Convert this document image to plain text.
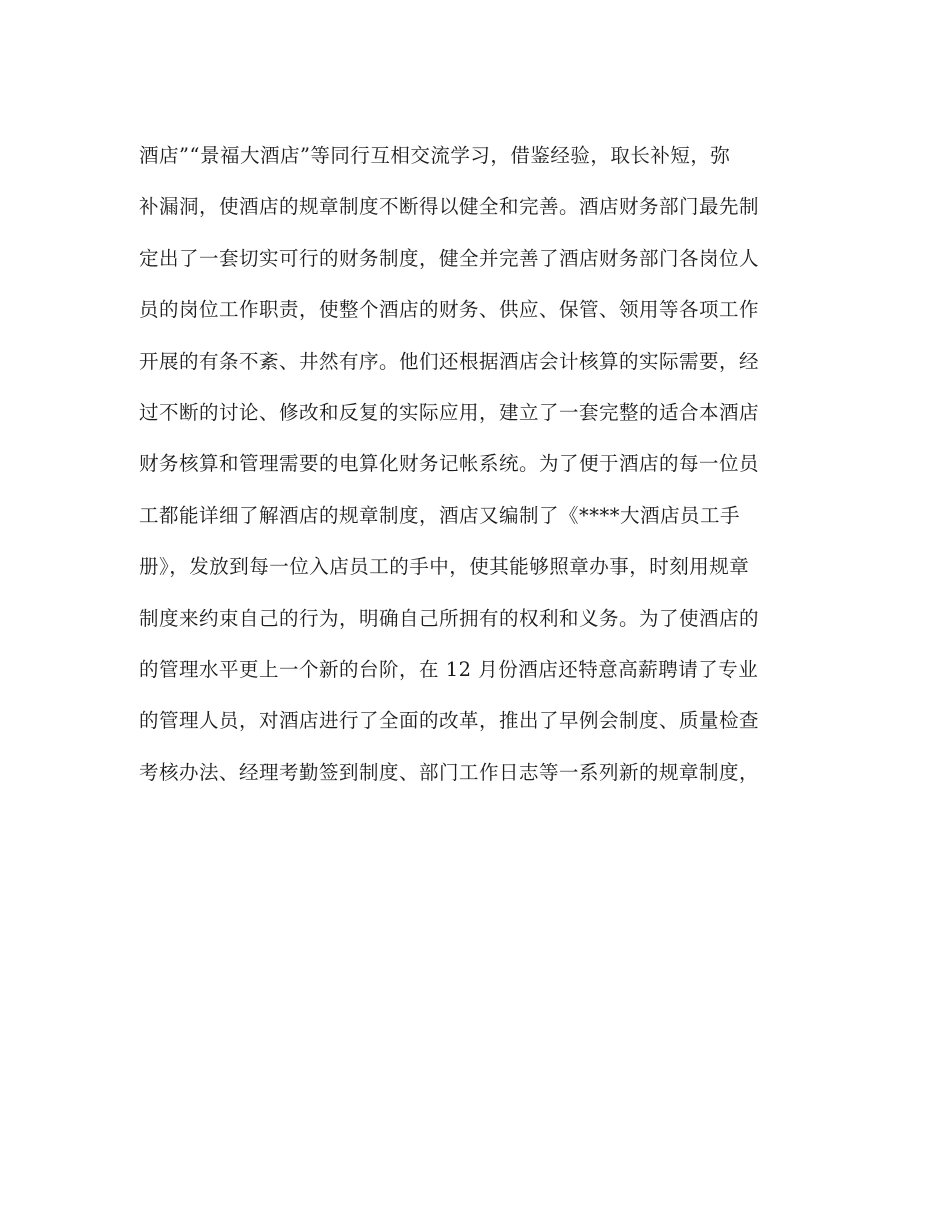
酒店”“景福大酒店”等同行互相交流学习，借鉴经验，取长补短，弥
补漏洞，使酒店的规章制度不断得以健全和完善。酒店财务部门最先制
定出了一套切实可行的财务制度，健全并完善了酒店财务部门各岗位人
员的岗位工作职责，使整个酒店的财务、供应、保管、领用等各项工作
开展的有条不紊、井然有序。他们还根据酒店会计核算的实际需要，经
过不断的讨论、修改和反复的实际应用，建立了一套完整的适合本酒店
财务核算和管理需要的电算化财务记帐系统。为了便于酒店的每一位员
工都能详细了解酒店的规章制度，酒店又编制了《****大酒店员工手
册》，发放到每一位入店员工的手中，使其能够照章办事，时刻用规章
制度来约束自己的行为，明确自己所拥有的权利和义务。为了使酒店的
的管理水平更上一个新的台阶，在 12 月份酒店还特意高薪聘请了专业
的管理人员，对酒店进行了全面的改革，推出了早例会制度、质量检查
考核办法、经理考勤签到制度、部门工作日志等一系列新的规章制度，
